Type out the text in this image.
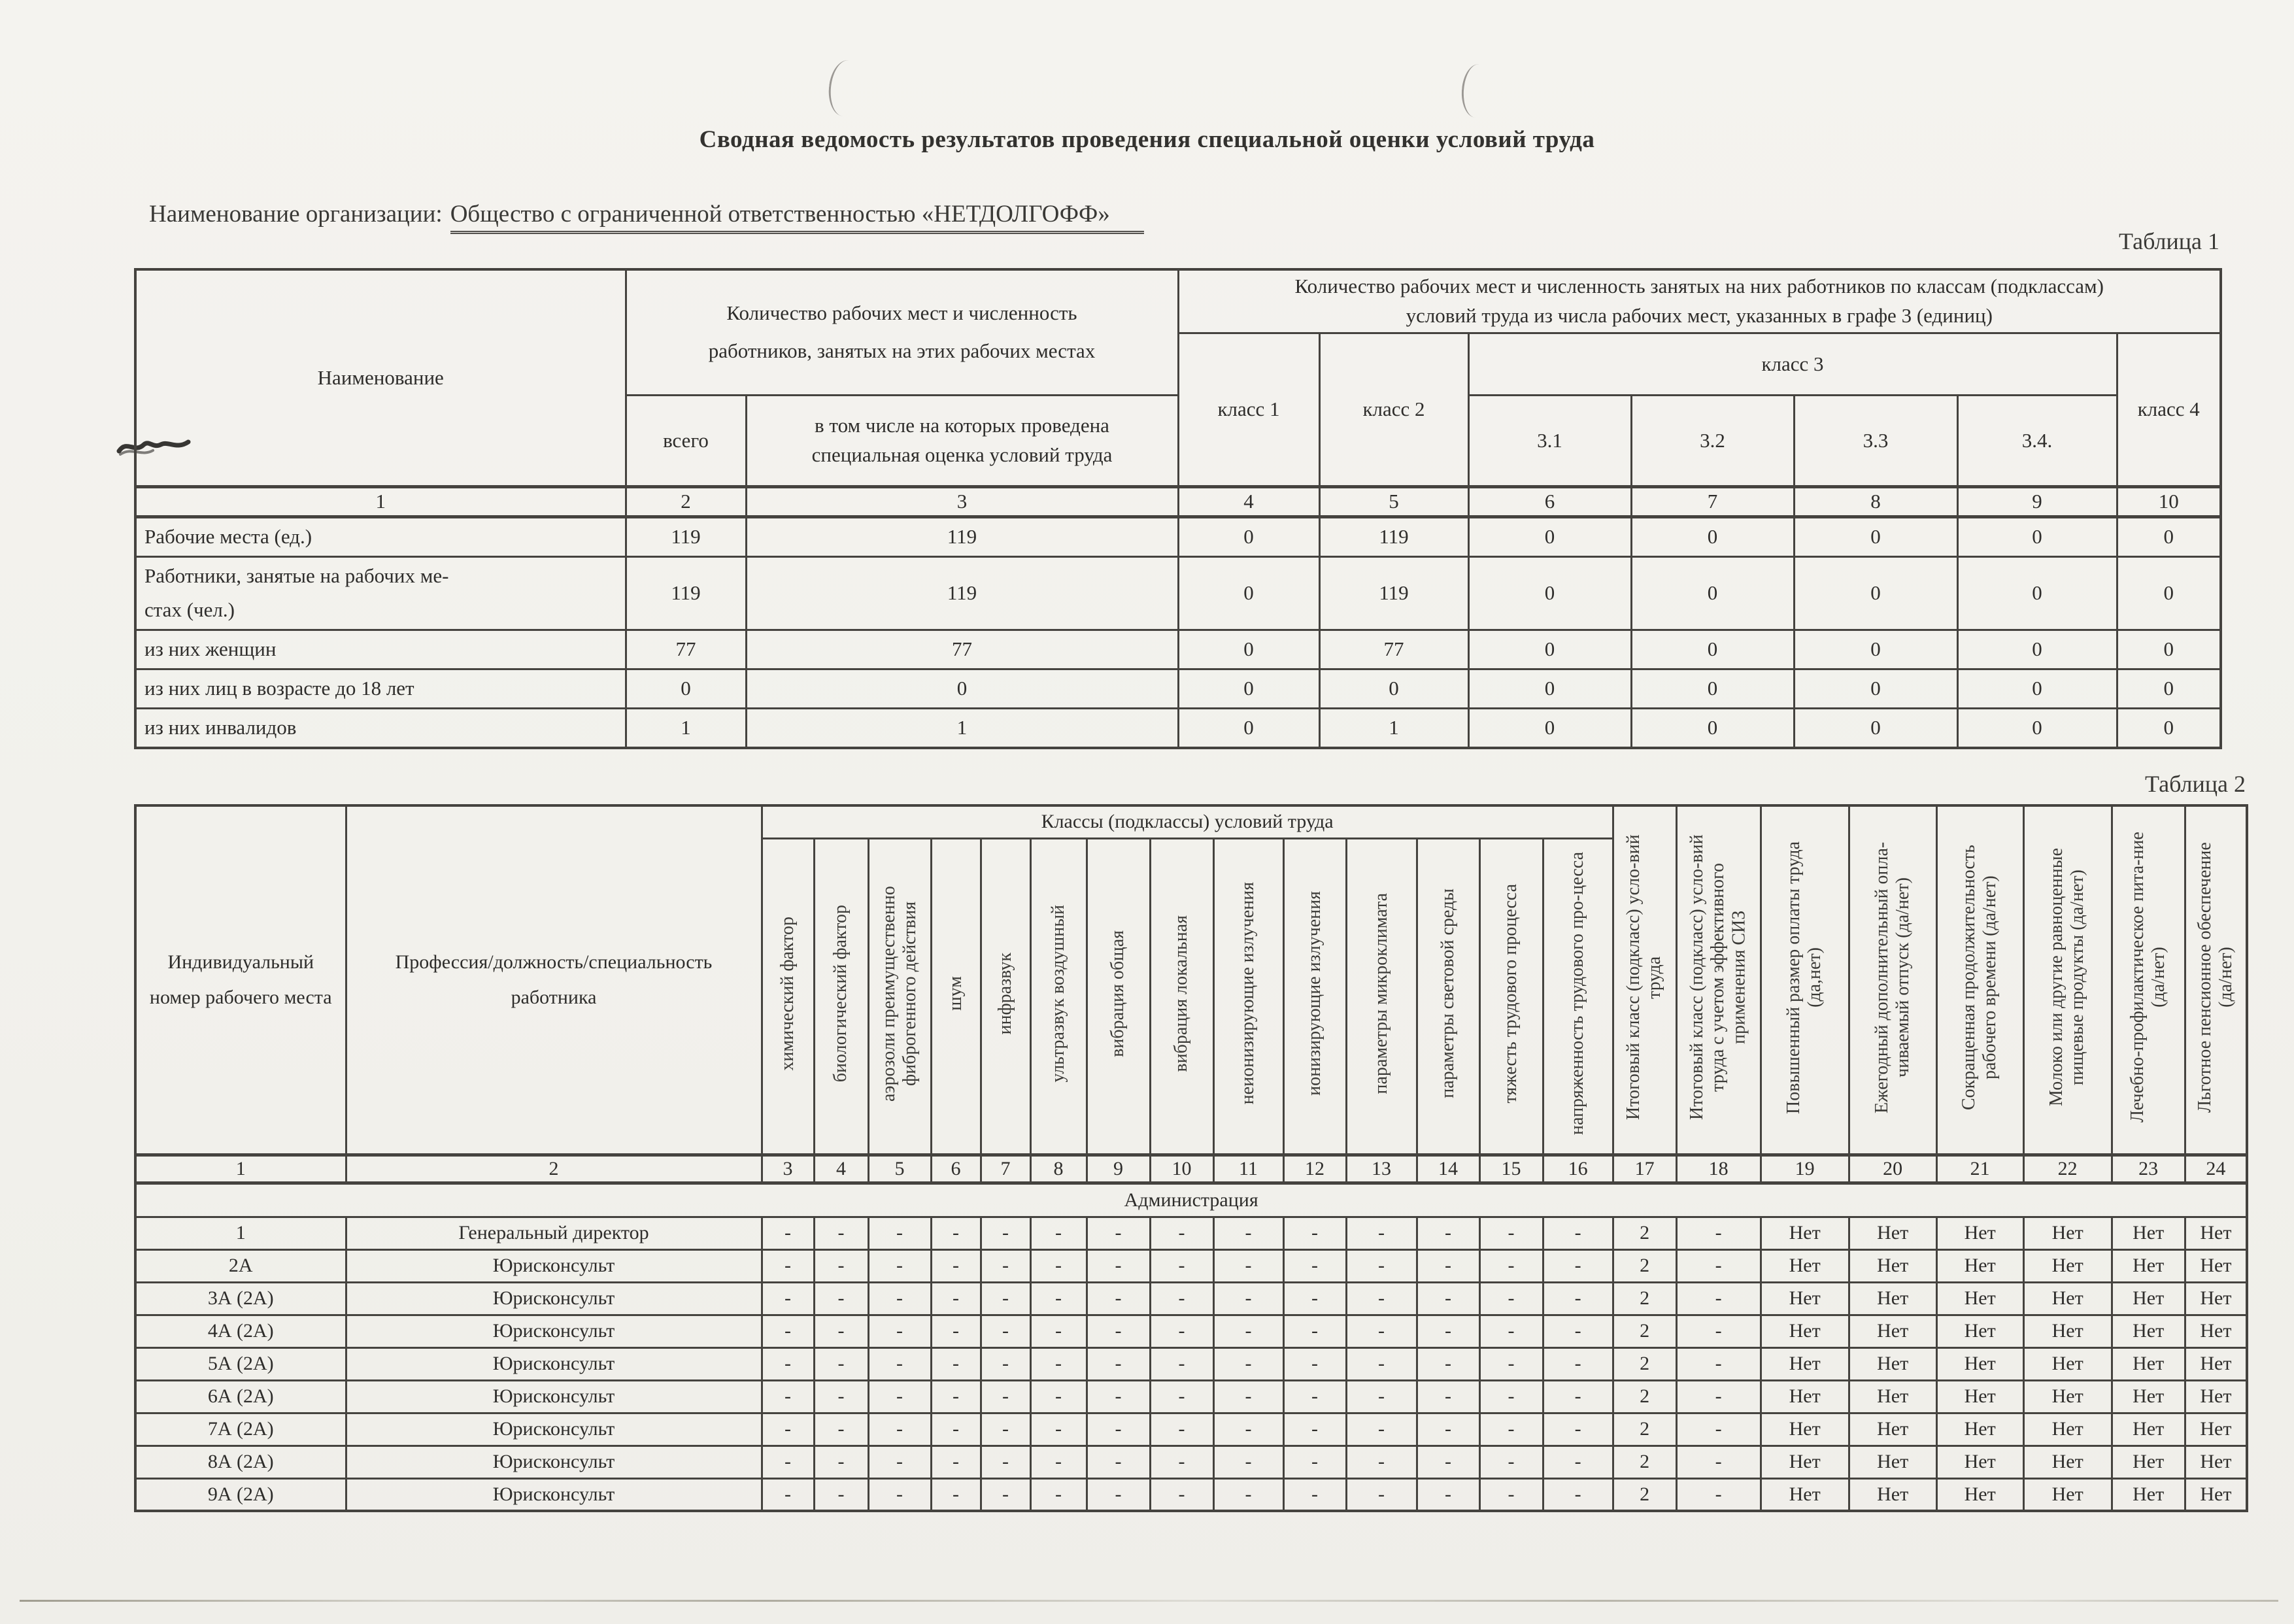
Сводная ведомость результатов проведения специальной оценки условий труда
Наименование организации: Общество с ограниченной ответственностью «НЕТДОЛГОФФ»
Таблица 1
Наименование	Количество рабочих мест и численность работников, занятых на этих рабочих местах		Количество рабочих мест и численность занятых на них работников по классам (подклассам) условий труда из числа рабочих мест, указанных в графе 3 (единиц)						
			класс 1	класс 2	класс 3				класс 4
	всего	в том числе на которых проведена специальная оценка условий труда			3.1	3.2	3.3	3.4.	
1	2	3	4	5	6	7	8	9	10
Рабочие места (ед.)	119	119	0	119	0	0	0	0	0
Работники, занятые на рабочих ме-стах (чел.)	119	119	0	119	0	0	0	0	0
из них женщин	77	77	0	77	0	0	0	0	0
из них лиц в возрасте до 18 лет	0	0	0	0	0	0	0	0	0
из них инвалидов	1	1	0	1	0	0	0	0	0
Таблица 2
Индивидуальный номер рабочего места	Профессия/должность/специальность работника	Классы (подклассы) условий труда														Итоговый класс (подкласс) усло-вий труда	Итоговый класс (подкласс) усло-вий труда с учетом эффективного применения СИЗ	Повышенный размер оплаты труда (да,нет)	Ежегодный дополнительный опла-чиваемый отпуск (да/нет)	Сокращенная продолжительность рабочего времени (да/нет)	Молоко или другие равноценные пищевые продукты (да/нет)	Лечебно-профилактическое пита-ние (да/нет)	Льготное пенсионное обеспечение (да/нет)
		химический фактор	биологический фактор	аэрозоли преимущественно фиброгенного действия	шум	инфразвук	ультразвук воздушный	вибрация общая	вибрация локальная	неионизирующие излучения	ионизирующие излучения	параметры микроклимата	параметры световой среды	тяжесть трудового процесса	напряженность трудового про-цесса								
1	2	3	4	5	6	7	8	9	10	11	12	13	14	15	16	17	18	19	20	21	22	23	24
Администрация																							
1	Генеральный директор	-	-	-	-	-	-	-	-	-	-	-	-	-	-	2	-	Нет	Нет	Нет	Нет	Нет	Нет
2А	Юрисконсульт	-	-	-	-	-	-	-	-	-	-	-	-	-	-	2	-	Нет	Нет	Нет	Нет	Нет	Нет
3А (2А)	Юрисконсульт	-	-	-	-	-	-	-	-	-	-	-	-	-	-	2	-	Нет	Нет	Нет	Нет	Нет	Нет
4А (2А)	Юрисконсульт	-	-	-	-	-	-	-	-	-	-	-	-	-	-	2	-	Нет	Нет	Нет	Нет	Нет	Нет
5А (2А)	Юрисконсульт	-	-	-	-	-	-	-	-	-	-	-	-	-	-	2	-	Нет	Нет	Нет	Нет	Нет	Нет
6А (2А)	Юрисконсульт	-	-	-	-	-	-	-	-	-	-	-	-	-	-	2	-	Нет	Нет	Нет	Нет	Нет	Нет
7А (2А)	Юрисконсульт	-	-	-	-	-	-	-	-	-	-	-	-	-	-	2	-	Нет	Нет	Нет	Нет	Нет	Нет
8А (2А)	Юрисконсульт	-	-	-	-	-	-	-	-	-	-	-	-	-	-	2	-	Нет	Нет	Нет	Нет	Нет	Нет
9А (2А)	Юрисконсульт	-	-	-	-	-	-	-	-	-	-	-	-	-	-	2	-	Нет	Нет	Нет	Нет	Нет	Нет
